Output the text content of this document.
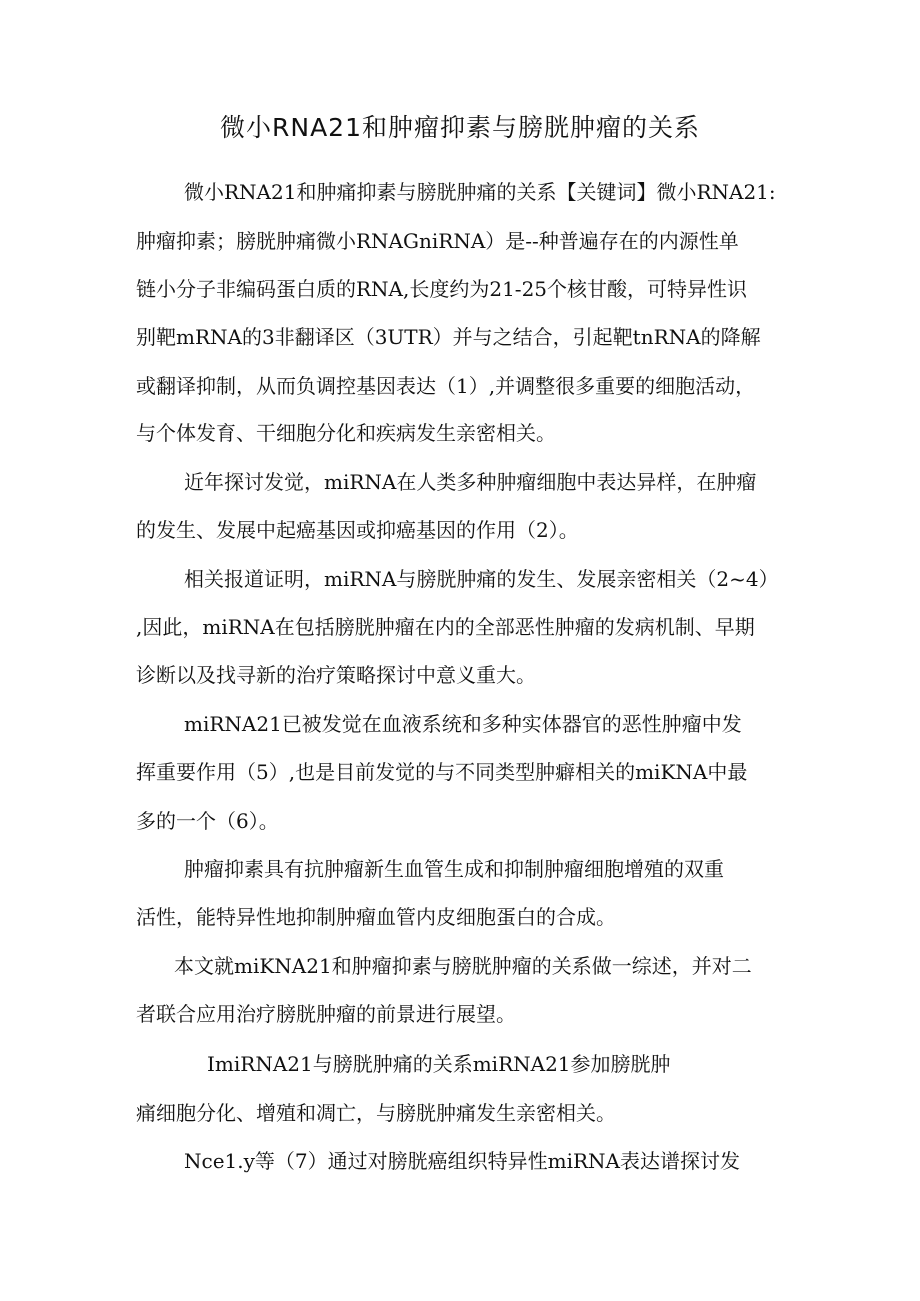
微小RNA21和肿瘤抑素与膀胱肿瘤的关系

微小RNA21和肿痛抑素与膀胱肿痛的关系【关键词】微小RNA21:

肿瘤抑素；膀胱肿痛微小RNAGniRNA）是--种普遍存在的内源性单

链小分子非编码蛋白质的RNA,长度约为21-25个核甘酸，可特异性识

别靶mRNA的3非翻译区（3UTR）并与之结合，引起靶tnRNA的降解

或翻译抑制，从而负调控基因表达（1）,并调整很多重要的细胞活动，

与个体发育、干细胞分化和疾病发生亲密相关。

近年探讨发觉，miRNA在人类多种肿瘤细胞中表达异样，在肿瘤

的发生、发展中起癌基因或抑癌基因的作用（2）。

相关报道证明，miRNA与膀胱肿痛的发生、发展亲密相关（2~4）

,因此，miRNA在包括膀胱肿瘤在内的全部恶性肿瘤的发病机制、早期

诊断以及找寻新的治疗策略探讨中意义重大。

miRNA21已被发觉在血液系统和多种实体器官的恶性肿瘤中发

挥重要作用（5）,也是目前发觉的与不同类型肿癖相关的miKNA中最

多的一个（6）。

肿瘤抑素具有抗肿瘤新生血管生成和抑制肿瘤细胞增殖的双重

活性，能特异性地抑制肿瘤血管内皮细胞蛋白的合成。

本文就miKNA21和肿瘤抑素与膀胱肿瘤的关系做一综述，并对二

者联合应用治疗膀胱肿瘤的前景进行展望。

ImiRNA21与膀胱肿痛的关系miRNA21参加膀胱肿

痛细胞分化、增殖和凋亡，与膀胱肿痛发生亲密相关。

Nce1.y等（7）通过对膀胱癌组织特异性miRNA表达谱探讨发
